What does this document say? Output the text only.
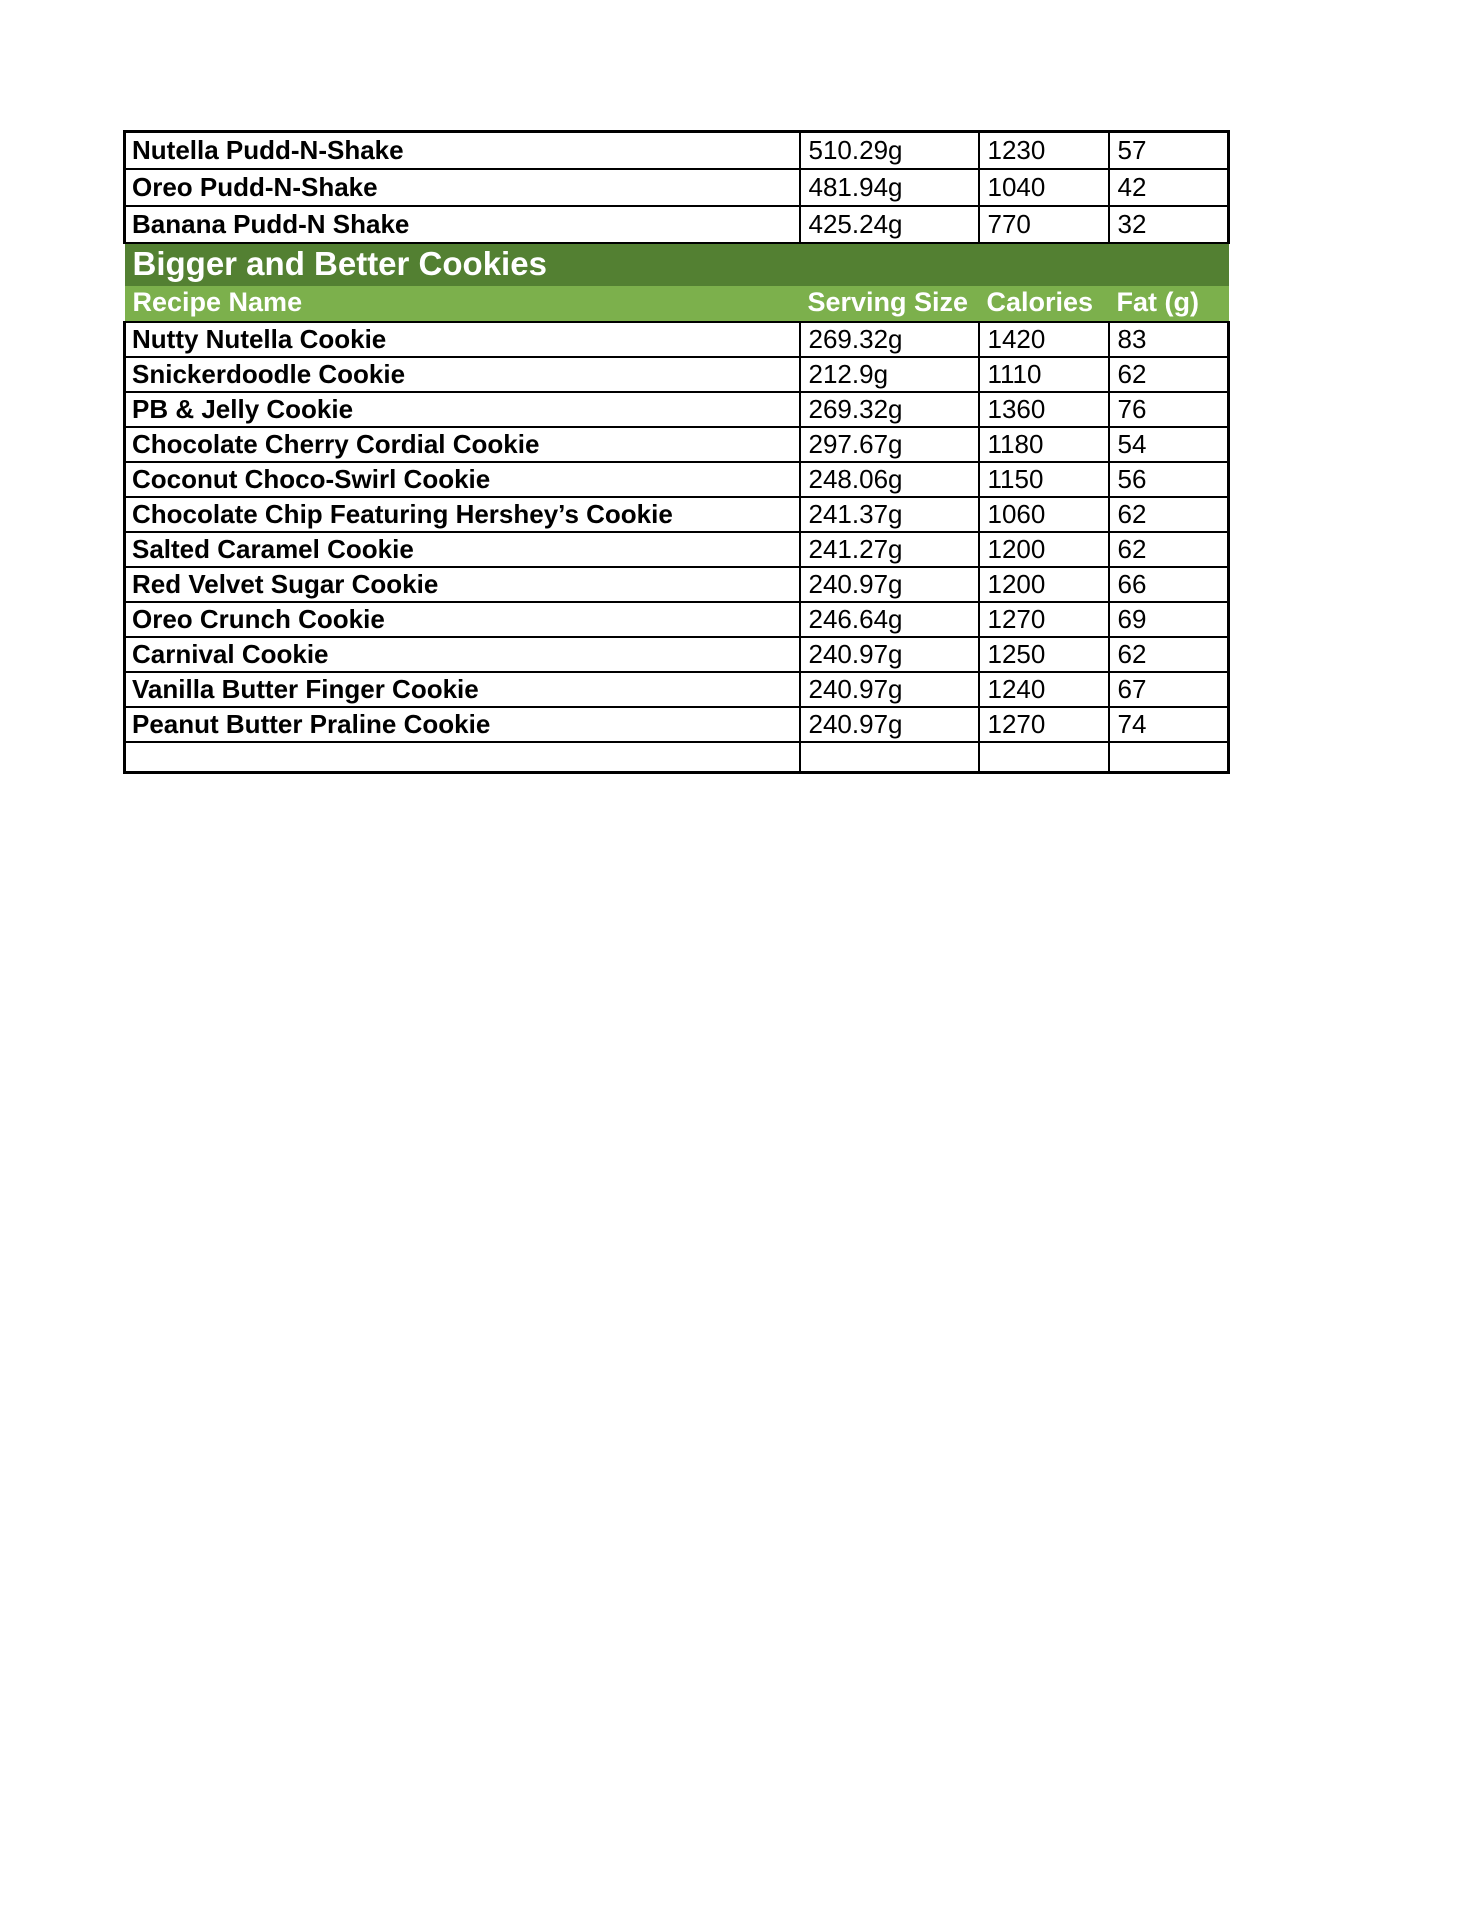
Nutella Pudd-N-Shake	510.29g	1230	57
Oreo Pudd-N-Shake	481.94g	1040	42
Banana Pudd-N Shake	425.24g	770	32
Bigger and Better Cookies			
Recipe Name	Serving Size	Calories	Fat (g)
Nutty Nutella Cookie	269.32g	1420	83
Snickerdoodle Cookie	212.9g	1110	62
PB & Jelly Cookie	269.32g	1360	76
Chocolate Cherry Cordial Cookie	297.67g	1180	54
Coconut Choco-Swirl Cookie	248.06g	1150	56
Chocolate Chip Featuring Hershey’s Cookie	241.37g	1060	62
Salted Caramel Cookie	241.27g	1200	62
Red Velvet Sugar Cookie	240.97g	1200	66
Oreo Crunch Cookie	246.64g	1270	69
Carnival Cookie	240.97g	1250	62
Vanilla Butter Finger Cookie	240.97g	1240	67
Peanut Butter Praline Cookie	240.97g	1270	74
